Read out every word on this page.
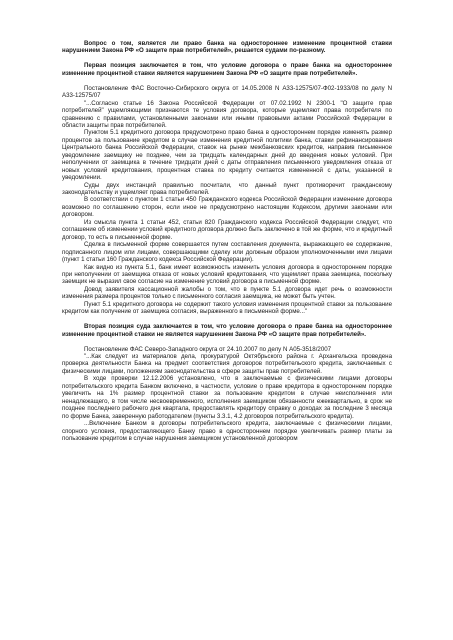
Вопрос о том, является ли право банка на одностороннее изменение процентной ставки нарушением Закона РФ «О защите прав потребителей», решается судами по-разному.

Первая позиция заключается в том, что условие договора о праве банка на одностороннее изменение процентной ставки является нарушением Закона РФ «О защите прав потребителей».

Постановление ФАС Восточно-Сибирского округа от 14.05.2008 N А33-12575/07-Ф02-1933/08 по делу N А33-12575/07

"...Согласно статье 16 Закона Российской Федерации от 07.02.1992 N 2300-1 "О защите прав потребителей" ущемляющими признаются те условия договора, которые ущемляют права потребителя по сравнению с правилами, установленными законами или иными правовыми актами Российской Федерации в области защиты прав потребителей.

Пунктом 5.1 кредитного договора предусмотрено право банка в одностороннем порядке изменять размер процентов за пользование кредитом в случае изменения кредитной политики банка, ставки рефинансирования Центрального банка Российской Федерации, ставок на рынке межбанковских кредитов, направив письменное уведомление заемщику не позднее, чем за тридцать календарных дней до введения новых условий. При неполучении от заемщика в течение тридцати дней с даты отправления письменного уведомления отказа от новых условий кредитования, процентная ставка по кредиту считается измененной с даты, указанной в уведомлении.

Суды двух инстанций правильно посчитали, что данный пункт противоречит гражданскому законодательству и ущемляет права потребителей.

В соответствии с пунктом 1 статьи 450 Гражданского кодекса Российской Федерации изменение договора возможно по соглашению сторон, если иное не предусмотрено настоящим Кодексом, другими законами или договором.

Из смысла пункта 1 статьи 452, статьи 820 Гражданского кодекса Российской Федерации следует, что соглашение об изменении условий кредитного договора должно быть заключено в той же форме, что и кредитный договор, то есть в письменной форме.

Сделка в письменной форме совершается путем составления документа, выражающего ее содержание, подписанного лицом или лицами, совершающими сделку или должным образом уполномоченными ими лицами (пункт 1 статьи 160 Гражданского кодекса Российской Федерации).

Как видно из пункта 5.1, банк имеет возможность изменить условия договора в одностороннем порядке при неполучении от заемщика отказа от новых условий кредитования, что ущемляет права заемщика, поскольку заемщик не выразил свое согласие на изменение условий договора в письменной форме.

Довод заявителя кассационной жалобы о том, что в пункте 5.1 договора идет речь о возможности изменения размера процентов только с письменного согласия заемщика, не может быть учтен.

Пункт 5.1 кредитного договора не содержит такого условия изменения процентной ставки за пользование кредитом как получение от заемщика согласия, выраженного в письменной форме..."

Вторая позиция суда заключается в том, что условие договора о праве банка на одностороннее изменение процентной ставки не является нарушением Закона РФ «О защите прав потребителей».

Постановление ФАС Северо-Западного округа от 24.10.2007 по делу N А05-3518/2007

"...Как следует из материалов дела, прокуратурой Октябрьского района г. Архангельска проведена проверка деятельности Банка на предмет соответствия договоров потребительского кредита, заключаемых с физическими лицами, положениям законодательства в сфере защиты прав потребителей.

В ходе проверки 12.12.2006 установлено, что в заключаемые с физическими лицами договоры потребительского кредита Банком включено, в частности, условие о праве кредитора в одностороннем порядке увеличить на 1% размер процентной ставки за пользование кредитом в случае неисполнения или ненадлежащего, в том числе несвоевременного, исполнения заемщиком обязанности ежеквартально, в срок не позднее последнего рабочего дня квартала, предоставлять кредитору справку о доходах за последние 3 месяца по форме Банка, заверенную работодателем (пункты 3.3.1, 4.2 договоров потребительского кредита).

...Включение Банком в договоры потребительского кредита, заключаемые с физическими лицами, спорного условия, предоставляющего Банку право в одностороннем порядке увеличивать размер платы за пользование кредитом в случае нарушения заемщиком установленной договором
